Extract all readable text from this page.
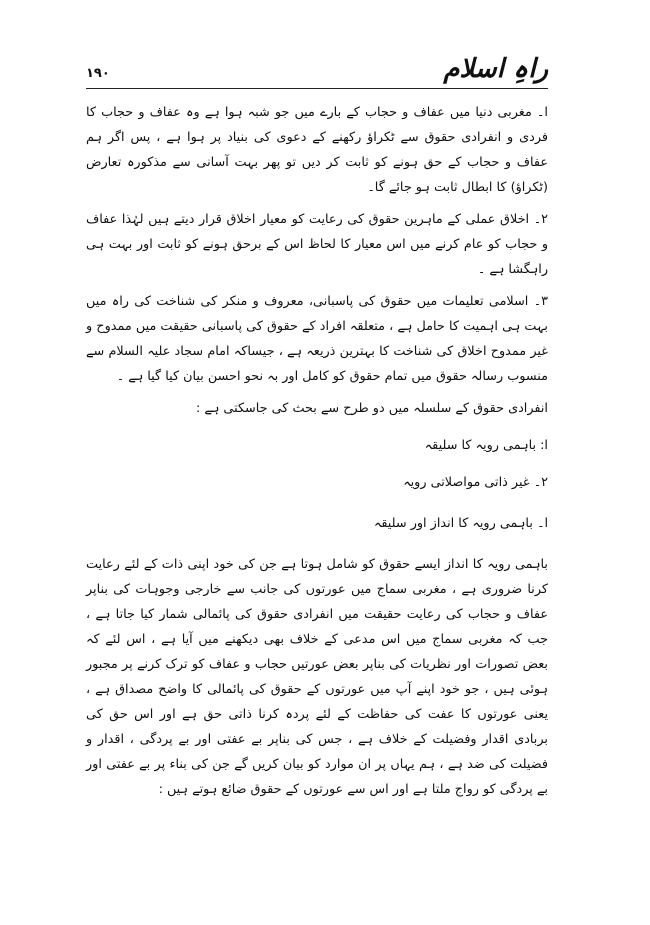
راہِ اسلام
۱۹۰

ا۔ مغربی دنیا میں عفاف و حجاب کے بارے میں جو شبہ ہوا ہے وہ عفاف و حجاب کا فردی و انفرادی حقوق سے ٹکراؤ رکھنے کے دعوی کی بنیاد پر ہوا ہے ، پس اگر ہم عفاف و حجاب کے حق ہونے کو ثابت کر دیں تو پھر بہت آسانی سے مذکورہ تعارض (ٹکراؤ) کا ابطال ثابت ہو جائے گا۔

۲۔ اخلاق عملی کے ماہرین حقوق کی رعایت کو معیار اخلاق قرار دیتے ہیں لہٰذا عفاف و حجاب کو عام کرنے میں اس معیار کا لحاظ اس کے برحق ہونے کو ثابت اور بہت ہی راہگشا ہے ۔

۳۔ اسلامی تعلیمات میں حقوق کی پاسبانی، معروف و منکر کی شناخت کی راہ میں بہت ہی اہمیت کا حامل ہے ، متعلقہ افراد کے حقوق کی پاسبانی حقیقت میں ممدوح و غیر ممدوح اخلاق کی شناخت کا بہترین ذریعہ ہے ، جیساکہ امام سجاد علیہ السلام سے منسوب رسالہ حقوق میں تمام حقوق کو کامل اور بہ نحو احسن بیان کیا گیا ہے ۔

انفرادی حقوق کے سلسلہ میں دو طرح سے بحث کی جاسکتی ہے :

ا: باہمی رویہ کا سلیقہ

۲۔ غیر ذاتی مواصلاتی رویہ

ا۔ باہمی رویہ کا انداز اور سلیقہ

باہمی رویہ کا انداز ایسے حقوق کو شامل ہوتا ہے جن کی خود اپنی ذات کے لئے رعایت کرنا ضروری ہے ، مغربی سماج میں عورتوں کی جانب سے خارجی وجوہات کی بناپر عفاف و حجاب کی رعایت حقیقت میں انفرادی حقوق کی پائمالی شمار کیا جاتا ہے ، جب کہ مغربی سماج میں اس مدعی کے خلاف بھی دیکھنے میں آیا ہے ، اس لئے کہ بعض تصورات اور نظریات کی بناپر بعض عورتیں حجاب و عفاف کو ترک کرنے پر مجبور ہوئی ہیں ، جو خود اپنے آپ میں عورتوں کے حقوق کی پائمالی کا واضح مصداق ہے ، یعنی عورتوں کا عفت کی حفاظت کے لئے پردہ کرنا ذاتی حق ہے اور اس حق کی بربادی اقدار وفضیلت کے خلاف ہے ، جس کی بناپر بے عفتی اور بے پردگی ، اقدار و فضیلت کی ضد ہے ، ہم یہاں پر ان موارد کو بیان کریں گے جن کی بناء پر بے عفتی اور بے پردگی کو رواج ملتا ہے اور اس سے عورتوں کے حقوق ضائع ہوتے ہیں :
